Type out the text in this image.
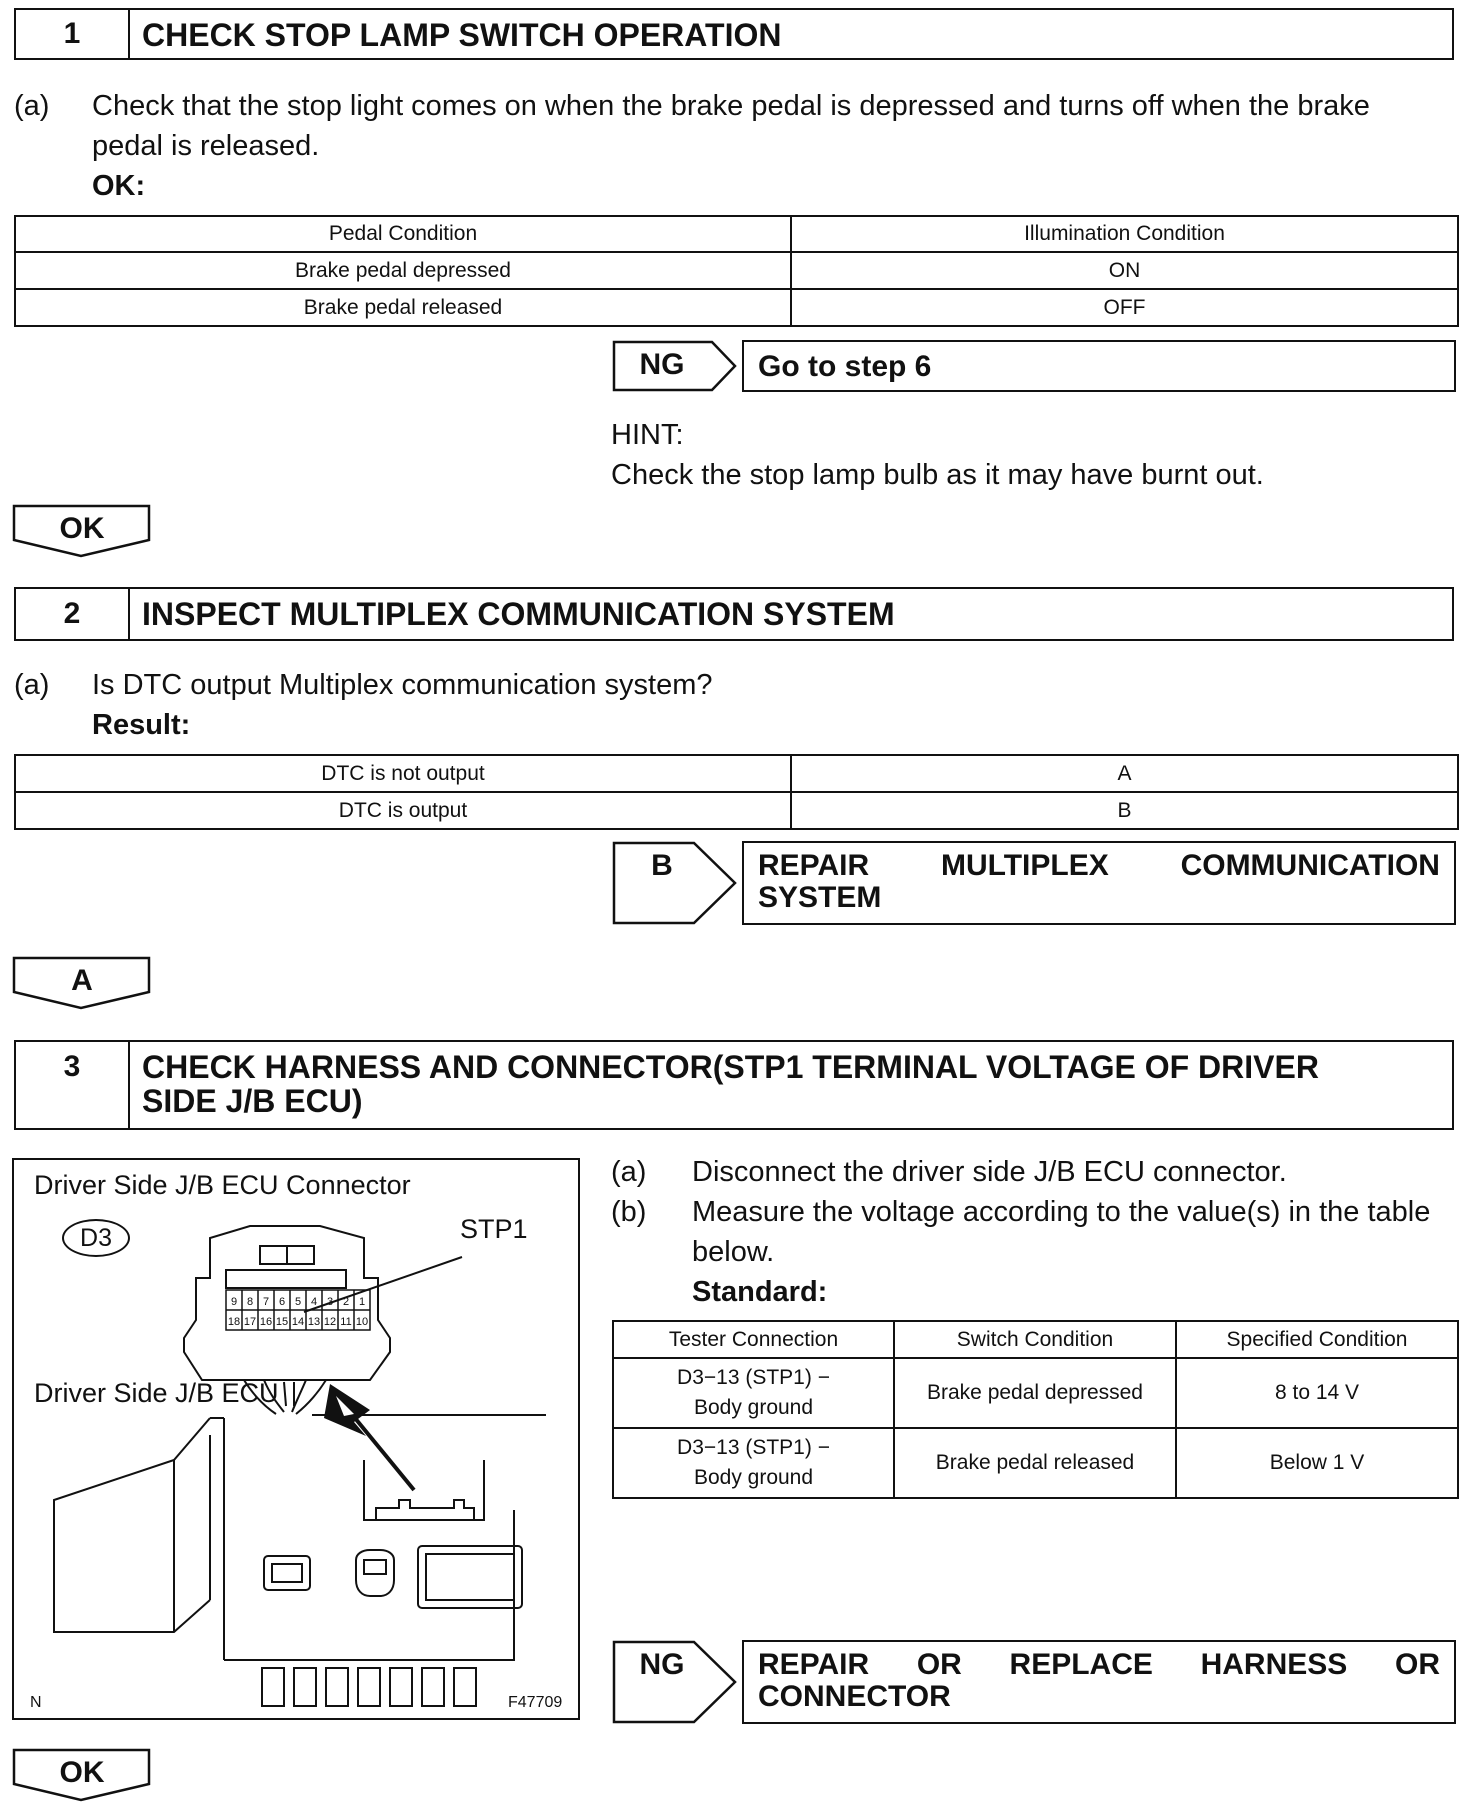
1	CHECK STOP LAMP SWITCH OPERATION
(a) Check that the stop light comes on when the brake pedal is depressed and turns off when the brake
pedal is released.
OK:
Pedal Condition	Illumination Condition
Brake pedal depressed	ON
Brake pedal released	OFF
NG	Go to step 6
HINT:
Check the stop lamp bulb as it may have burnt out.
OK
2	INSPECT MULTIPLEX COMMUNICATION SYSTEM
(a) Is DTC output Multiplex communication system?
Result:
DTC is not output	A
DTC is output	B
B	REPAIR MULTIPLEX COMMUNICATION
SYSTEM
A
3	CHECK HARNESS AND CONNECTOR(STP1 TERMINAL VOLTAGE OF DRIVER
SIDE J/B ECU)
Driver Side J/B ECU Connector
D3	STP1
Driver Side J/B ECU
N	F47709
9 8 7 6 5 4 3 2 1
18 17 16 15 14 13 12 11 10
(a) Disconnect the driver side J/B ECU connector.
(b) Measure the voltage according to the value(s) in the table
below.
Standard:
Tester Connection	Switch Condition	Specified Condition

D3−13 (STP1) −
Body ground	Brake pedal depressed	8 to 14 V

D3−13 (STP1) −
Body ground	Brake pedal released	Below 1 V
NG	REPAIR OR REPLACE HARNESS OR
CONNECTOR
OK
